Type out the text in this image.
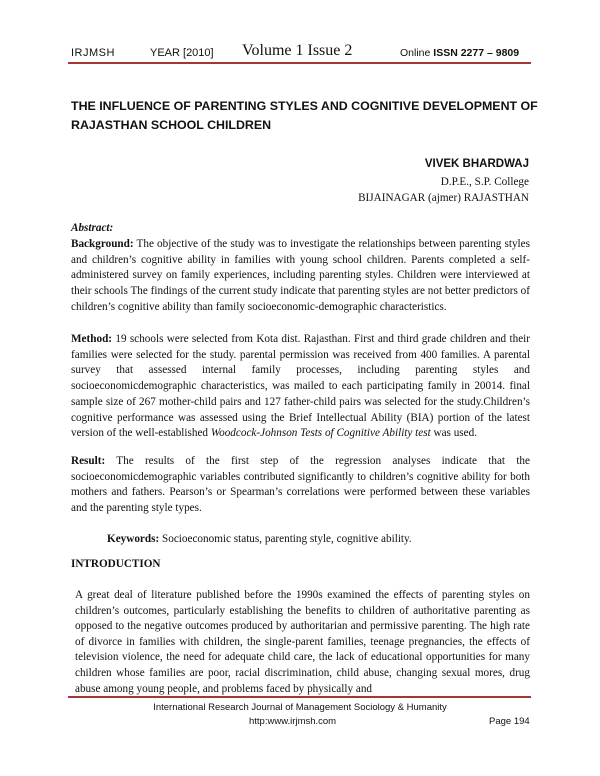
IRJMSH	YEAR [2010] Volume 1 Issue 2	Online ISSN 2277 – 9809
THE INFLUENCE OF PARENTING STYLES AND COGNITIVE DEVELOPMENT OF RAJASTHAN SCHOOL CHILDREN
VIVEK BHARDWAJ
D.P.E., S.P. College
BIJAINAGAR (ajmer) RAJASTHAN
Abstract:

Background: The objective of the study was to investigate the relationships between parenting styles and children’s cognitive ability in families with young school children. Parents completed a self-administered survey on family experiences, including parenting styles. Children were interviewed at their schools The findings of the current study indicate that parenting styles are not better predictors of children’s cognitive ability than family socioeconomic-demographic characteristics.

Method: 19 schools were selected from Kota dist. Rajasthan. First and third grade children and their families were selected for the study. parental permission was received from 400 families. A parental survey that assessed internal family processes, including parenting styles and socioeconomicdemographic characteristics, was mailed to each participating family in 20014. final sample size of 267 mother-child pairs and 127 father-child pairs was selected for the study.Children’s cognitive performance was assessed using the Brief Intellectual Ability (BIA) portion of the latest version of the well-established Woodcock-Johnson Tests of Cognitive Ability test was used.

Result: The results of the first step of the regression analyses indicate that the socioeconomicdemographic variables contributed significantly to children’s cognitive ability for both mothers and fathers. Pearson’s or Spearman’s correlations were performed between these variables and the parenting style types.

Keywords: Socioeconomic status, parenting style, cognitive ability.
INTRODUCTION

A great deal of literature published before the 1990s examined the effects of parenting styles on children’s outcomes, particularly establishing the benefits to children of authoritative parenting as opposed to the negative outcomes produced by authoritarian and permissive parenting. The high rate of divorce in families with children, the single-parent families, teenage pregnancies, the effects of television violence, the need for adequate child care, the lack of educational opportunities for many children whose families are poor, racial discrimination, child abuse, changing sexual mores, drug abuse among young people, and problems faced by physically and

International Research Journal of Management Sociology & Humanity
http:www.irjmsh.com	Page 194
